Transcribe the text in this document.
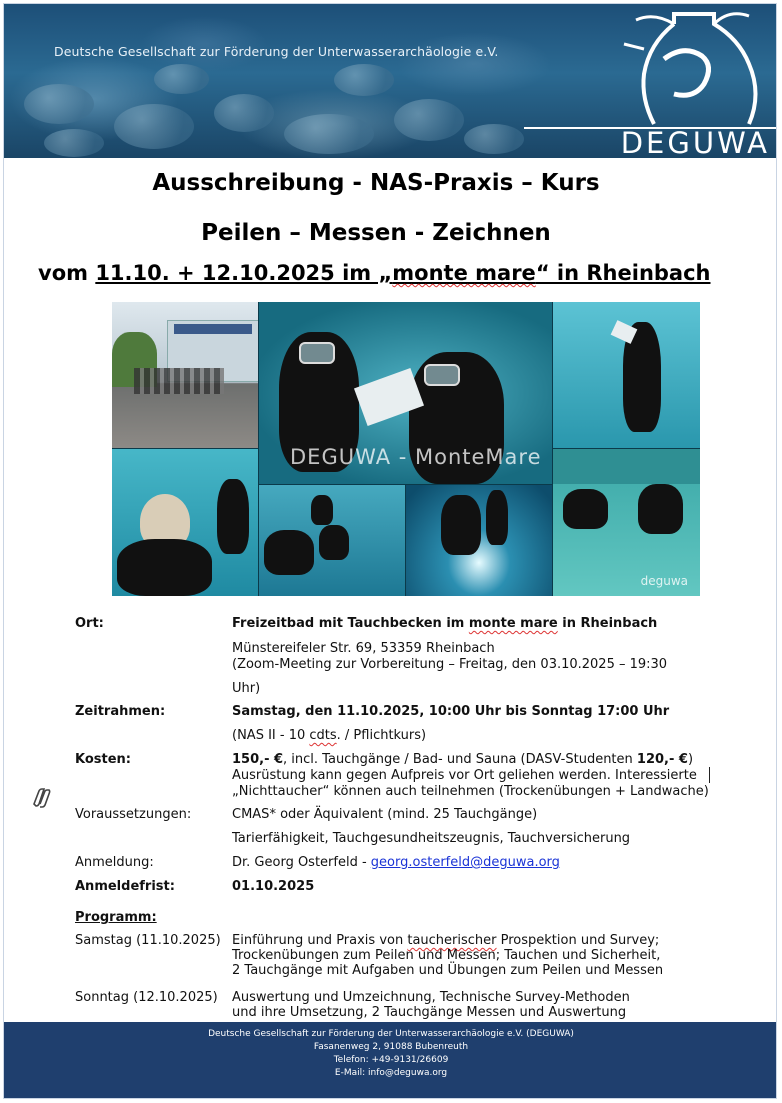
Deutsche Gesellschaft zur Förderung der Unterwasserarchäologie e.V.
DEGUWA
Ausschreibung - NAS-Praxis – Kurs
Peilen – Messen - Zeichnen
vom 11.10. + 12.10.2025 im „monte mare“ in Rheinbach
DEGUWA - MonteMare
deguwa
Ort:	Freizeitbad mit Tauchbecken im monte mare in Rheinbach
Münstereifeler Str. 69, 53359 Rheinbach
(Zoom-Meeting zur Vorbereitung – Freitag, den 03.10.2025 – 19:30
Uhr)
Zeitrahmen:	Samstag, den 11.10.2025, 10:00 Uhr bis Sonntag 17:00 Uhr
(NAS II - 10 cdts. / Pflichtkurs)
Kosten:	150,- €, incl. Tauchgänge / Bad- und Sauna (DASV-Studenten 120,- €)
Ausrüstung kann gegen Aufpreis vor Ort geliehen werden. Interessierte
„Nichttaucher“ können auch teilnehmen (Trockenübungen + Landwache)
Voraussetzungen:	CMAS* oder Äquivalent (mind. 25 Tauchgänge)
Tarierfähigkeit, Tauchgesundheitszeugnis, Tauchversicherung
Anmeldung:	Dr. Georg Osterfeld - georg.osterfeld@deguwa.org
Anmeldefrist:	01.10.2025
Programm:
Samstag (11.10.2025) Einführung und Praxis von taucherischer Prospektion und Survey;
Trockenübungen zum Peilen und Messen; Tauchen und Sicherheit,
2 Tauchgänge mit Aufgaben und Übungen zum Peilen und Messen
Sonntag (12.10.2025) Auswertung und Umzeichnung, Technische Survey-Methoden
und ihre Umsetzung, 2 Tauchgänge Messen und Auswertung
Deutsche Gesellschaft zur Förderung der Unterwasserarchäologie e.V. (DEGUWA)
Fasanenweg 2, 91088 Bubenreuth
Telefon: +49-9131/26609
E-Mail: info@deguwa.org
